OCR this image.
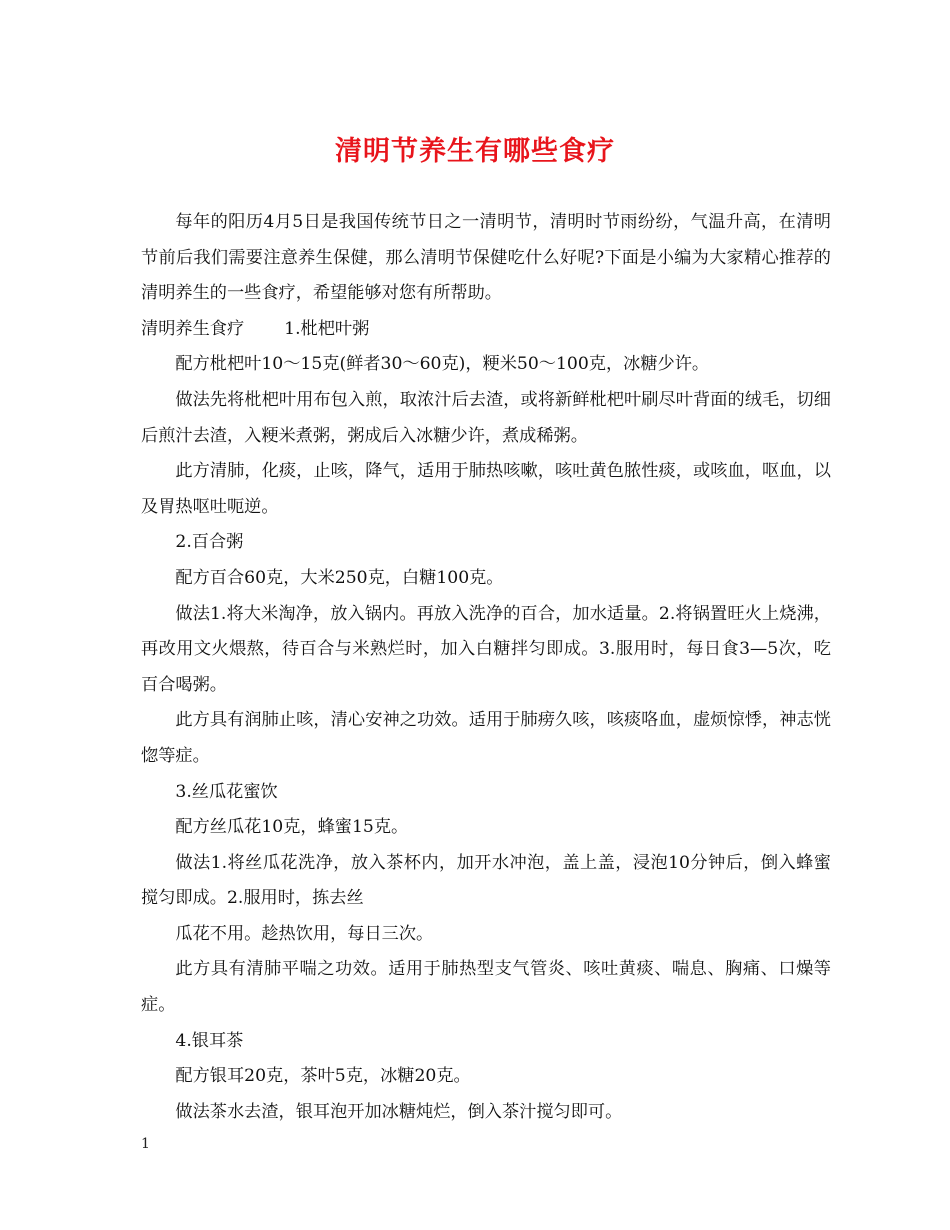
清明节养生有哪些食疗

每年的阳历4月5日是我国传统节日之一清明节，清明时节雨纷纷，气温升高，在清明节前后我们需要注意养生保健，那么清明节保健吃什么好呢?下面是小编为大家精心推荐的清明养生的一些食疗，希望能够对您有所帮助。

清明养生食疗 1.枇杷叶粥

配方枇杷叶10～15克(鲜者30～60克)，粳米50～100克，冰糖少许。

做法先将枇杷叶用布包入煎，取浓汁后去渣，或将新鲜枇杷叶刷尽叶背面的绒毛，切细后煎汁去渣，入粳米煮粥，粥成后入冰糖少许，煮成稀粥。

此方清肺，化痰，止咳，降气，适用于肺热咳嗽，咳吐黄色脓性痰，或咳血，呕血，以及胃热呕吐呃逆。

2.百合粥

配方百合60克，大米250克，白糖100克。

做法1.将大米淘净，放入锅内。再放入洗净的百合，加水适量。2.将锅置旺火上烧沸，再改用文火煨熬，待百合与米熟烂时，加入白糖拌匀即成。3.服用时，每日食3—5次，吃百合喝粥。

此方具有润肺止咳，清心安神之功效。适用于肺痨久咳，咳痰咯血，虚烦惊悸，神志恍惚等症。

3.丝瓜花蜜饮

配方丝瓜花10克，蜂蜜15克。

做法1.将丝瓜花洗净，放入茶杯内，加开水冲泡，盖上盖，浸泡10分钟后，倒入蜂蜜搅匀即成。2.服用时，拣去丝

瓜花不用。趁热饮用，每日三次。

此方具有清肺平喘之功效。适用于肺热型支气管炎、咳吐黄痰、喘息、胸痛、口燥等症。

4.银耳茶

配方银耳20克，茶叶5克，冰糖20克。

做法茶水去渣，银耳泡开加冰糖炖烂，倒入茶汁搅匀即可。

1
